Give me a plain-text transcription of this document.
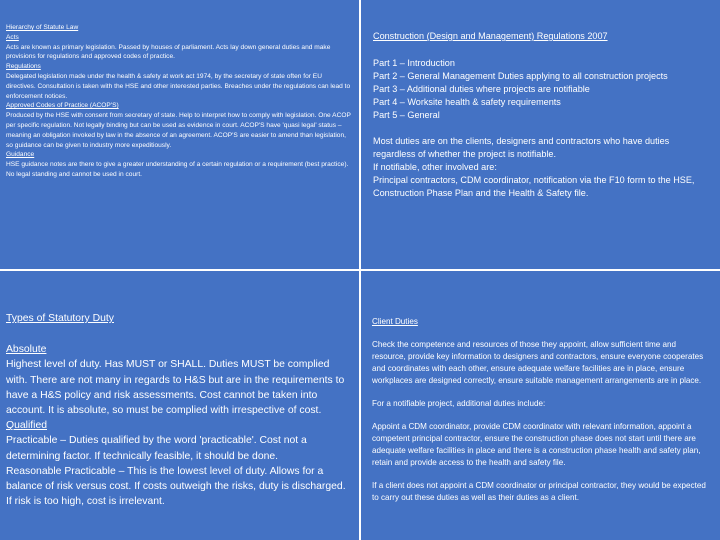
Hierarchy of Statute Law

Acts

Acts are known as primary legislation. Passed by houses of parliament. Acts lay down general duties and make provisions for regulations and approved codes of practice.

Regulations

Delegated legislation made under the health & safety at work act 1974, by the secretary of state often for EU directives. Consultation is taken with the HSE and other interested parties. Breaches under the regulations can lead to enforcement notices.

Approved Codes of Practice (ACOP'S)

Produced by the HSE with consent from secretary of state. Help to interpret how to comply with legislation. One ACOP per specific regulation. Not legally binding but can be used as evidence in court. ACOP'S have 'quasi legal' status – meaning an obligation invoked by law in the absence of an agreement. ACOP'S are easier to amend than legislation, so guidance can be given to industry more expeditiously.

Guidance

HSE guidance notes are there to give a greater understanding of a certain regulation or a requirement (best practice). No legal standing and cannot be used in court.

Construction (Design and Management) Regulations 2007

Part 1 – Introduction

Part 2 – General Management Duties applying to all construction projects

Part 3 – Additional duties where projects are notifiable

Part 4 – Worksite health & safety requirements

Part 5 – General

Most duties are on the clients, designers and contractors who have duties regardless of whether the project is notifiable.

If notifiable, other involved are:

Principal contractors, CDM coordinator, notification via the F10 form to the HSE, Construction Phase Plan and the Health & Safety file.

Types of Statutory Duty

Absolute

Highest level of duty. Has MUST or SHALL. Duties MUST be complied with. There are not many in regards to H&S but are in the requirements to have a H&S policy and risk assessments. Cost cannot be taken into account. It is absolute, so must be complied with irrespective of cost.

Qualified

Practicable – Duties qualified by the word 'practicable'. Cost not a determining factor. If technically feasible, it should be done.

Reasonable Practicable – This is the lowest level of duty. Allows for a balance of risk versus cost. If costs outweigh the risks, duty is discharged. If risk is too high, cost is irrelevant.

Client Duties

Check the competence and resources of those they appoint, allow sufficient time and resource, provide key information to designers and contractors, ensure everyone cooperates and coordinates with each other, ensure adequate welfare facilities are in place, ensure workplaces are designed correctly, ensure suitable management arrangements are in place.

For a notifiable project, additional duties include:

Appoint a CDM coordinator, provide CDM coordinator with relevant information, appoint a competent principal contractor, ensure the construction phase does not start until there are adequate welfare facilities in place and there is a construction phase health and safety plan, retain and provide access to the health and safety file.

If a client does not appoint a CDM coordinator or principal contractor, they would be expected to carry out these duties as well as their duties as a client.
